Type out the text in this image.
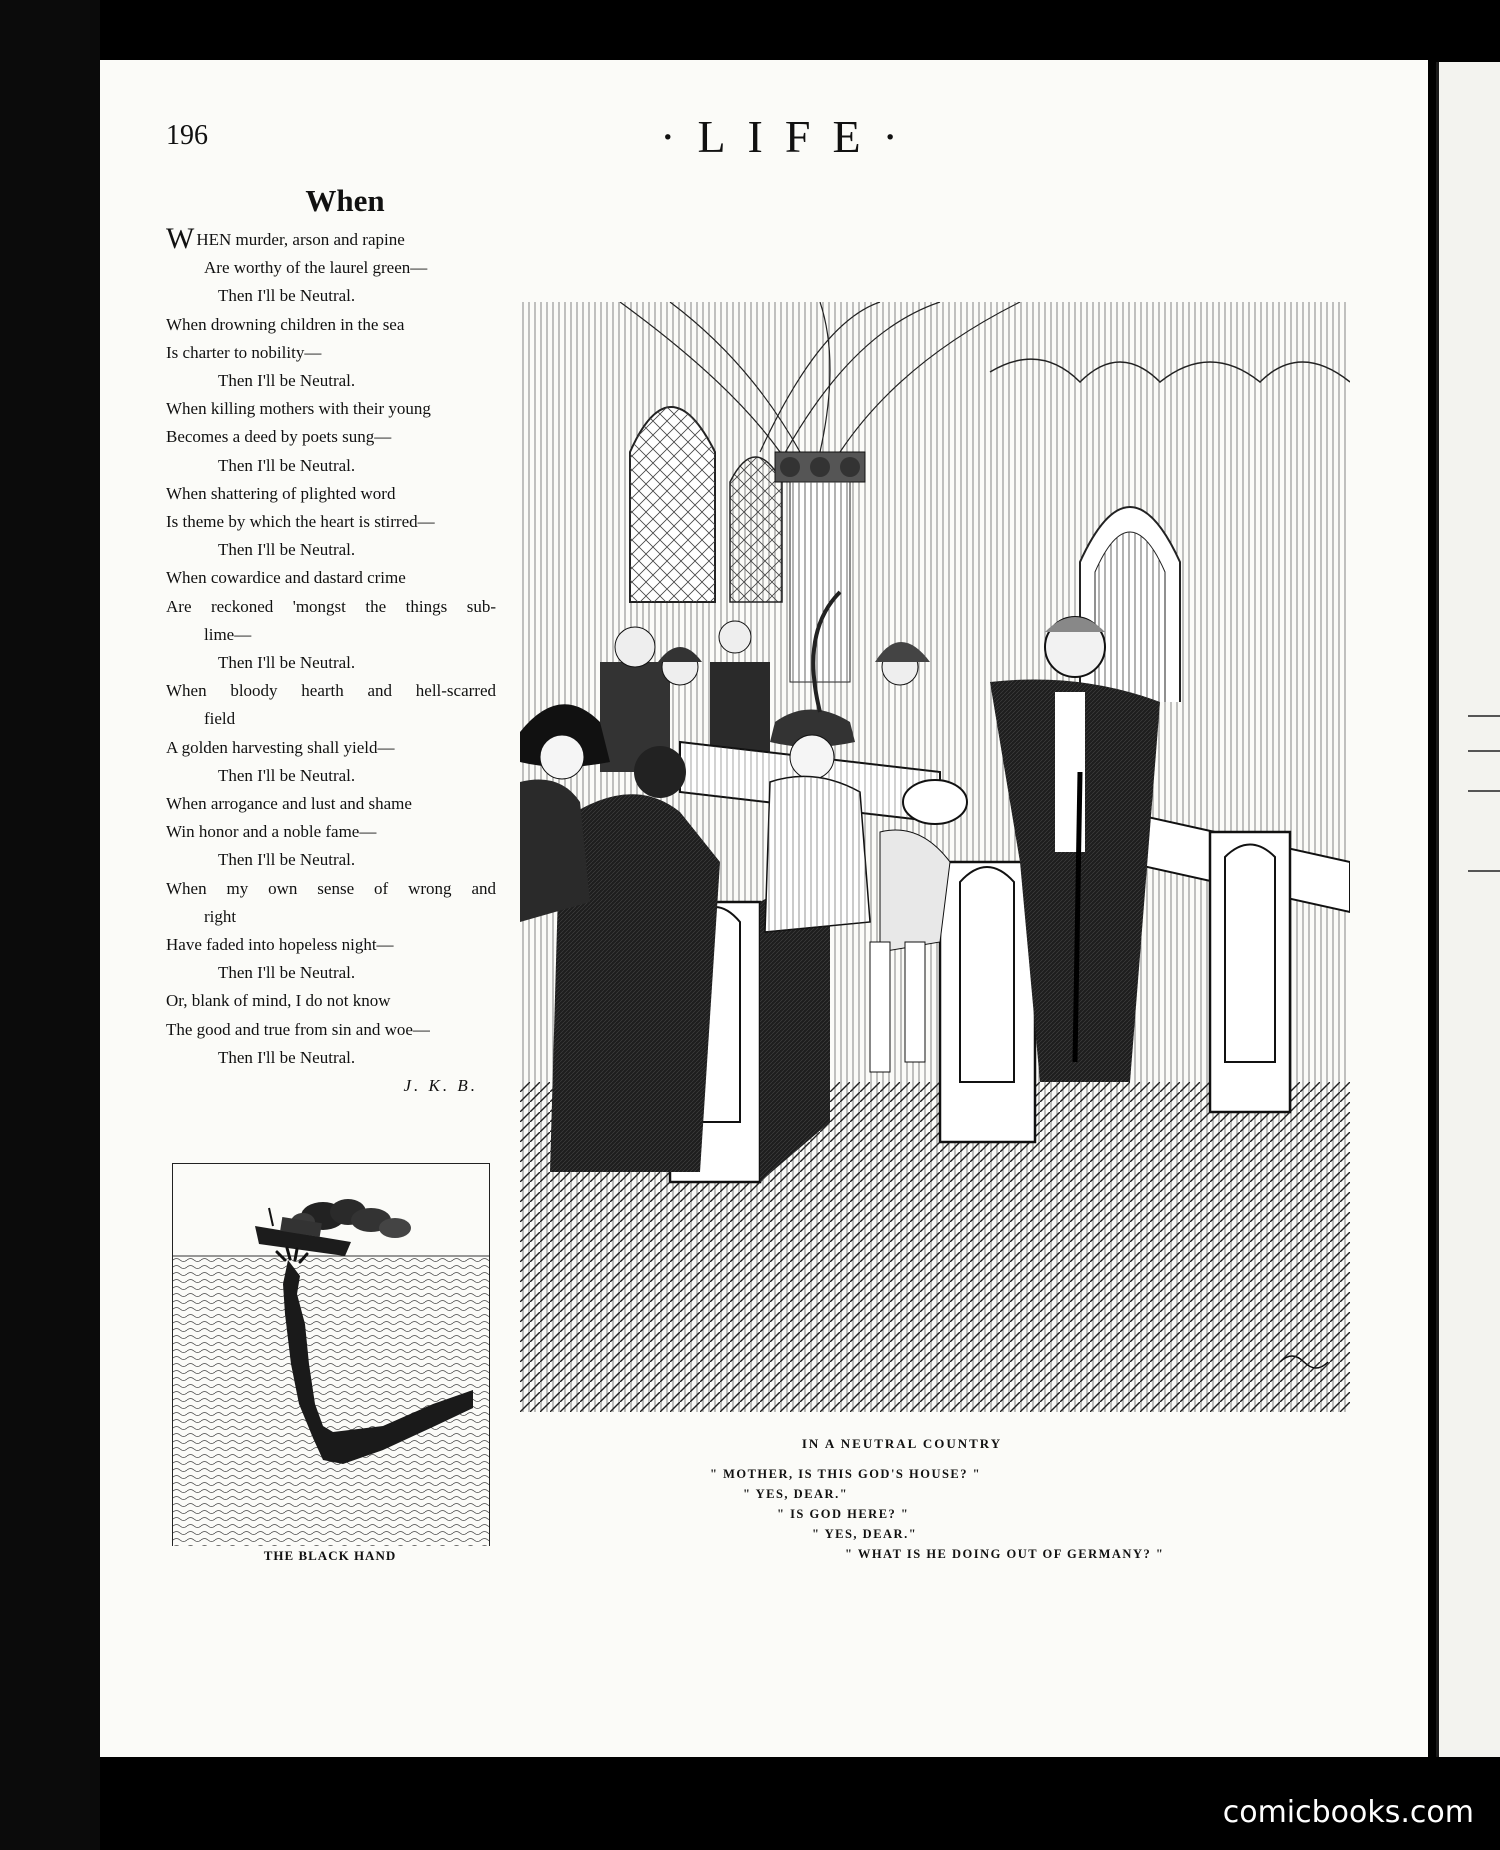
196	·LIFE·
When
WHEN murder, arson and rapine
Are worthy of the laurel green—
Then I'll be Neutral.
When drowning children in the sea
Is charter to nobility—
Then I'll be Neutral.
When killing mothers with their young
Becomes a deed by poets sung—
Then I'll be Neutral.
When shattering of plighted word
Is theme by which the heart is stirred—
Then I'll be Neutral.
When cowardice and dastard crime
Are reckoned 'mongst the things sub-
lime—
Then I'll be Neutral.
When bloody hearth and hell-scarred
field
A golden harvesting shall yield—
Then I'll be Neutral.
When arrogance and lust and shame
Win honor and a noble fame—
Then I'll be Neutral.
When my own sense of wrong and
right
Have faded into hopeless night—
Then I'll be Neutral.
Or, blank of mind, I do not know
The good and true from sin and woe—
Then I'll be Neutral.
J. K. B.
THE BLACK HAND
IN A NEUTRAL COUNTRY
" MOTHER, IS THIS GOD'S HOUSE? "
" YES, DEAR."
" IS GOD HERE? "
" YES, DEAR."
" WHAT IS HE DOING OUT OF GERMANY? "
comicbooks.com
